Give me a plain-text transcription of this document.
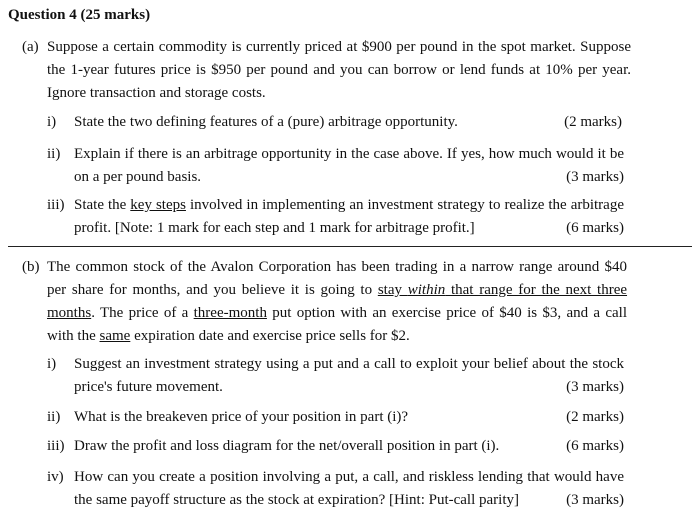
Question 4 (25 marks)
(a) Suppose a certain commodity is currently priced at $900 per pound in the spot market. Suppose the 1-year futures price is $950 per pound and you can borrow or lend funds at 10% per year. Ignore transaction and storage costs.
i)	(2 marks)
State the two defining features of a (pure) arbitrage opportunity.
ii) Explain if there is an arbitrage opportunity in the case above. If yes, how much would it be on a per pound basis.	(3 marks)
iii) State the key steps involved in implementing an investment strategy to realize the arbitrage profit. [Note: 1 mark for each step and 1 mark for arbitrage profit.]	(6 marks)
(b) The common stock of the Avalon Corporation has been trading in a narrow range around $40 per share for months, and you believe it is going to stay within that range for the next three months. The price of a three-month put option with an exercise price of $40 is $3, and a call with the same expiration date and exercise price sells for $2.
i) Suggest an investment strategy using a put and a call to exploit your belief about the stock price's future movement.	(3 marks)
ii)	(2 marks)
What is the breakeven price of your position in part (i)?
iii)	(6 marks)
Draw the profit and loss diagram for the net/overall position in part (i).
iv) How can you create a position involving a put, a call, and riskless lending that would have the same payoff structure as the stock at expiration? [Hint: Put-call parity]	(3 marks)
